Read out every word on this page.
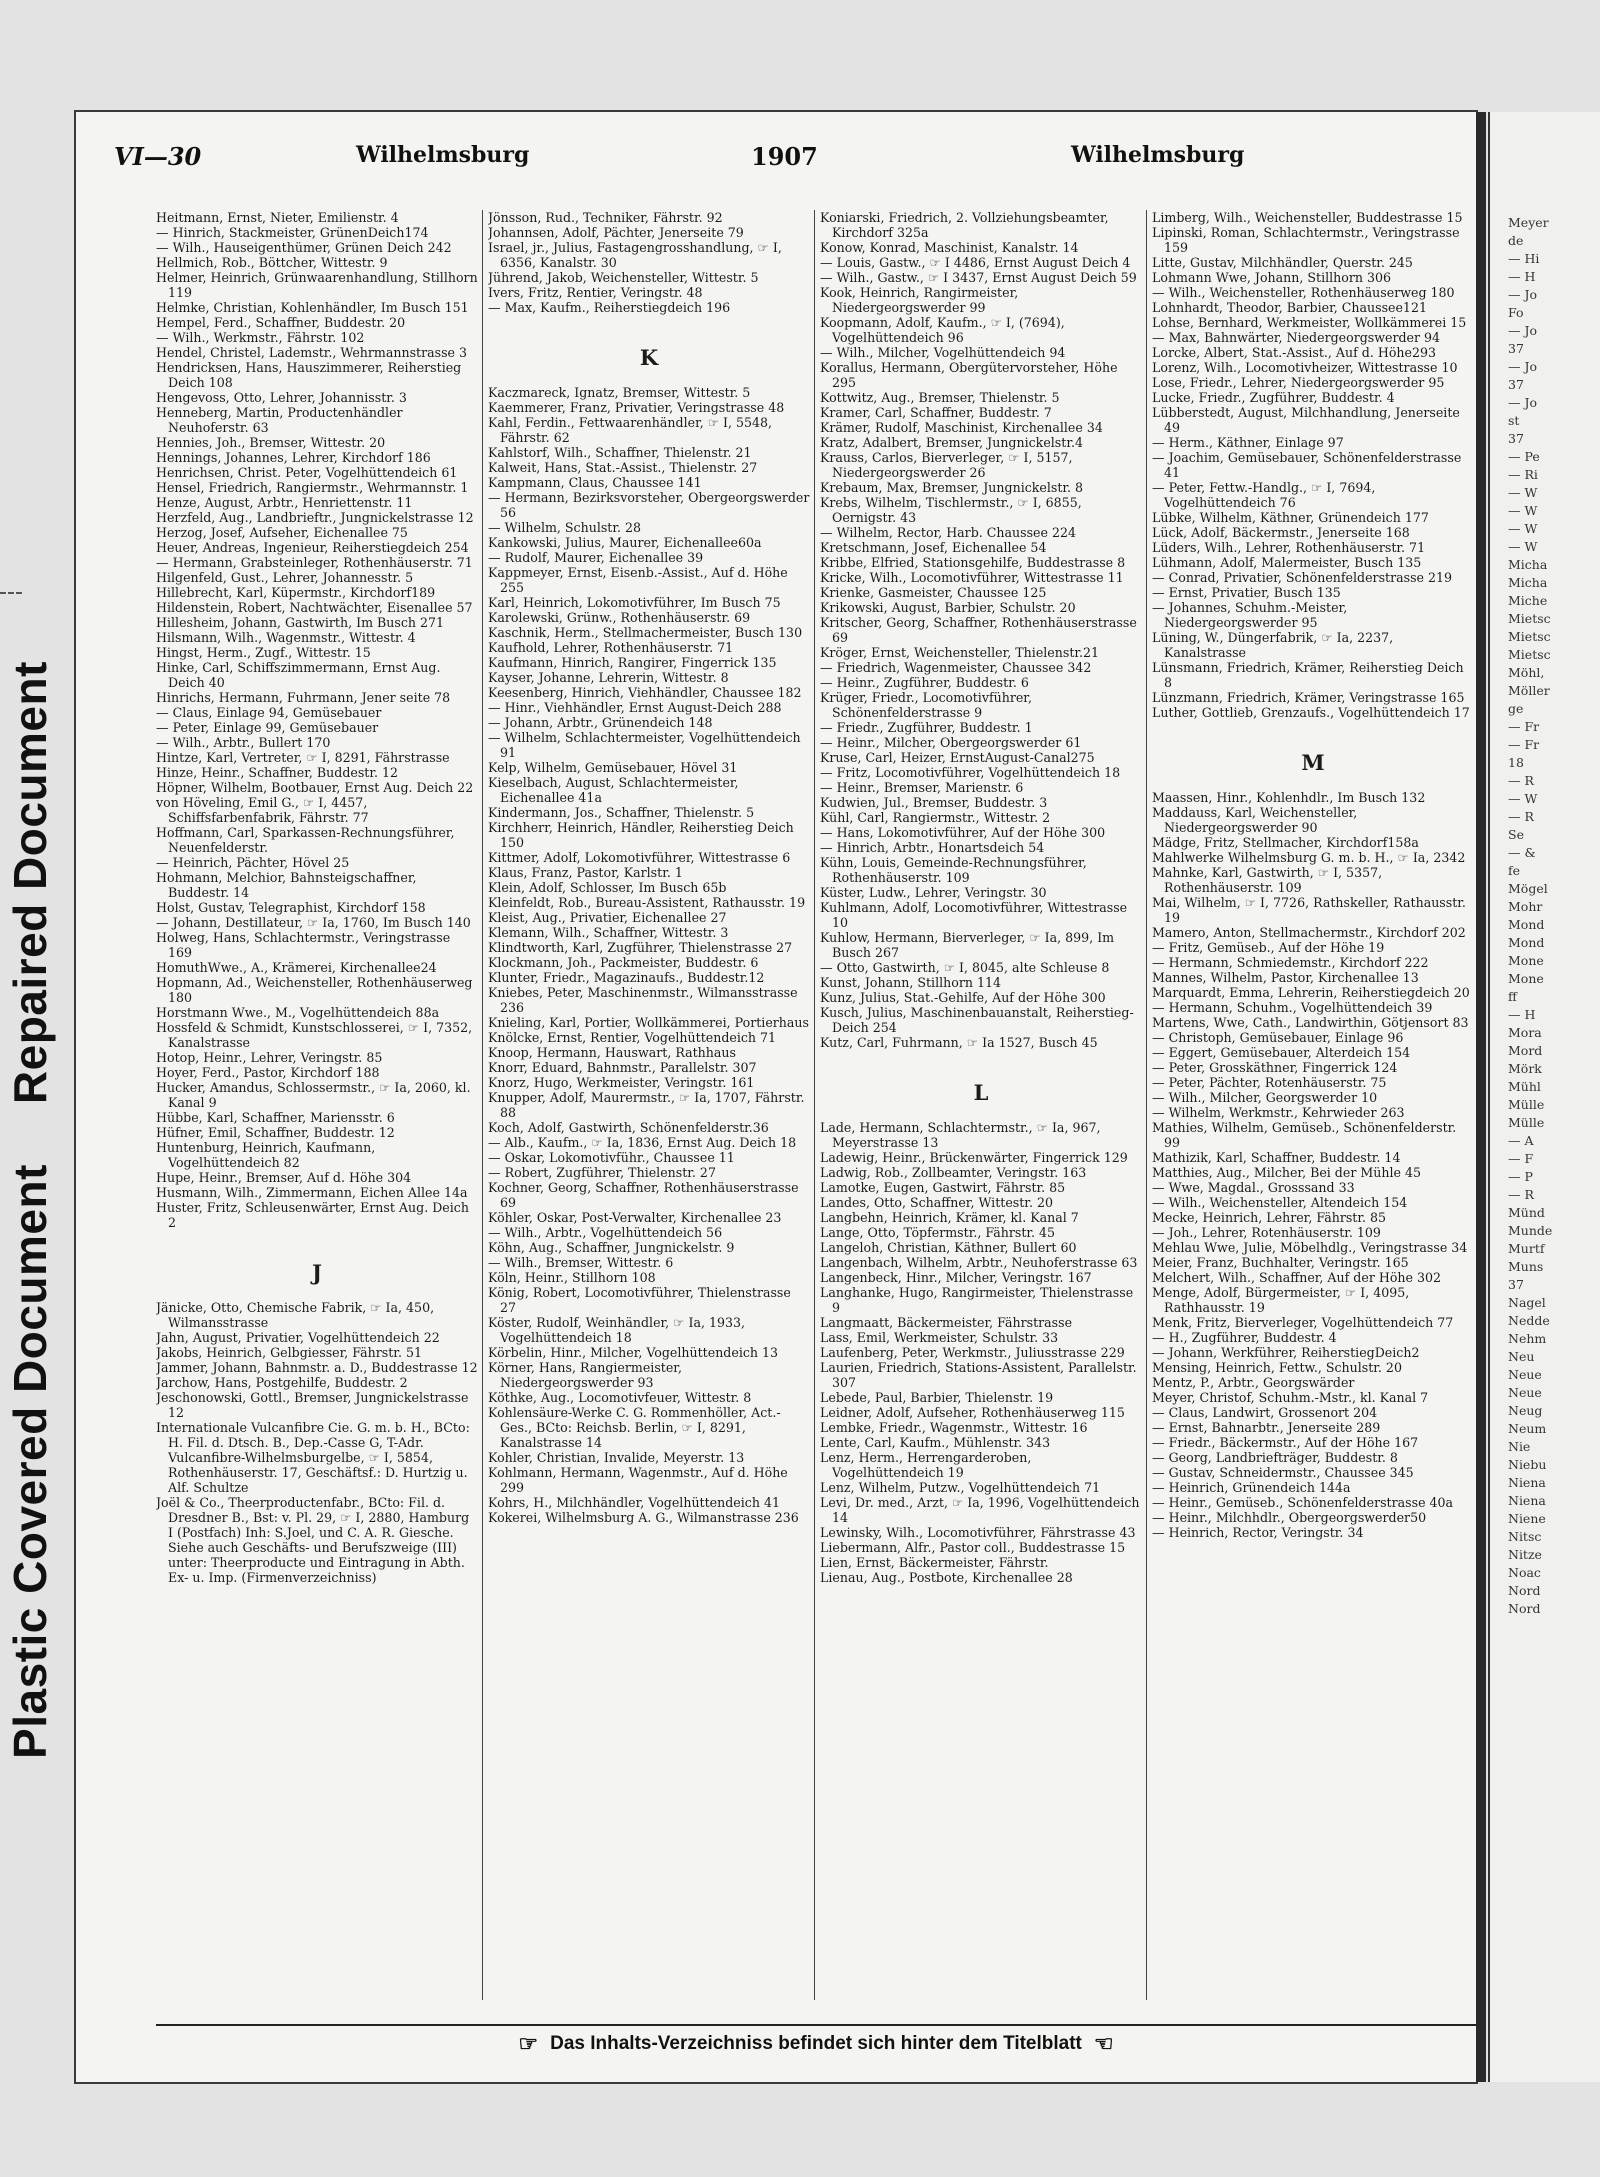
Plastic Covered DocumentRepaired Document
VI—30	Wilhelmsburg	1907	Wilhelmsburg

Heitmann, Ernst, Nieter, Emilienstr. 4

— Hinrich, Stackmeister, GrünenDeich174

— Wilh., Hauseigenthümer, Grünen Deich 242

Hellmich, Rob., Böttcher, Wittestr. 9

Helmer, Heinrich, Grünwaarenhandlung, Stillhorn 119

Helmke, Christian, Kohlenhändler, Im Busch 151

Hempel, Ferd., Schaffner, Buddestr. 20

— Wilh., Werkmstr., Fährstr. 102

Hendel, Christel, Lademstr., Wehrmannstrasse 3

Hendricksen, Hans, Hauszimmerer, Reiherstieg Deich 108

Hengevoss, Otto, Lehrer, Johannisstr. 3

Henneberg, Martin, Productenhändler Neuhoferstr. 63

Hennies, Joh., Bremser, Wittestr. 20

Hennings, Johannes, Lehrer, Kirchdorf 186

Henrichsen, Christ. Peter, Vogelhüttendeich 61

Hensel, Friedrich, Rangiermstr., Wehrmannstr. 1

Henze, August, Arbtr., Henriettenstr. 11

Herzfeld, Aug., Landbrieftr., Jungnickelstrasse 12

Herzog, Josef, Aufseher, Eichenallee 75

Heuer, Andreas, Ingenieur, Reiherstiegdeich 254

— Hermann, Grabsteinleger, Rothenhäuserstr. 71

Hilgenfeld, Gust., Lehrer, Johannesstr. 5

Hillebrecht, Karl, Küpermstr., Kirchdorf189

Hildenstein, Robert, Nachtwächter, Eisenallee 57

Hillesheim, Johann, Gastwirth, Im Busch 271

Hilsmann, Wilh., Wagenmstr., Wittestr. 4

Hingst, Herm., Zugf., Wittestr. 15

Hinke, Carl, Schiffszimmermann, Ernst Aug. Deich 40

Hinrichs, Hermann, Fuhrmann, Jener seite 78

— Claus, Einlage 94, Gemüsebauer

— Peter, Einlage 99, Gemüsebauer

— Wilh., Arbtr., Bullert 170

Hintze, Karl, Vertreter, ☞ I, 8291, Fährstrasse

Hinze, Heinr., Schaffner, Buddestr. 12

Höpner, Wilhelm, Bootbauer, Ernst Aug. Deich 22

von Höveling, Emil G., ☞ I, 4457, Schiffsfarbenfabrik, Fährstr. 77

Hoffmann, Carl, Sparkassen-Rechnungsführer, Neuenfelderstr.

— Heinrich, Pächter, Hövel 25

Hohmann, Melchior, Bahnsteigschaffner, Buddestr. 14

Holst, Gustav, Telegraphist, Kirchdorf 158

— Johann, Destillateur, ☞ Ia, 1760, Im Busch 140

Holweg, Hans, Schlachtermstr., Veringstrasse 169

HomuthWwe., A., Krämerei, Kirchenallee24

Hopmann, Ad., Weichensteller, Rothenhäuserweg 180

Horstmann Wwe., M., Vogelhüttendeich 88a

Hossfeld & Schmidt, Kunstschlosserei, ☞ I, 7352, Kanalstrasse

Hotop, Heinr., Lehrer, Veringstr. 85

Hoyer, Ferd., Pastor, Kirchdorf 188

Hucker, Amandus, Schlossermstr., ☞ Ia, 2060, kl. Kanal 9

Hübbe, Karl, Schaffner, Mariensstr. 6

Hüfner, Emil, Schaffner, Buddestr. 12

Huntenburg, Heinrich, Kaufmann, Vogelhüttendeich 82

Hupe, Heinr., Bremser, Auf d. Höhe 304

Husmann, Wilh., Zimmermann, Eichen Allee 14a

Huster, Fritz, Schleusenwärter, Ernst Aug. Deich 2

J

Jänicke, Otto, Chemische Fabrik, ☞ Ia, 450, Wilmansstrasse

Jahn, August, Privatier, Vogelhüttendeich 22

Jakobs, Heinrich, Gelbgiesser, Fährstr. 51

Jammer, Johann, Bahnmstr. a. D., Buddestrasse 12

Jarchow, Hans, Postgehilfe, Buddestr. 2

Jeschonowski, Gottl., Bremser, Jungnickelstrasse 12

Internationale Vulcanfibre Cie. G. m. b. H., BCto: H. Fil. d. Dtsch. B., Dep.-Casse G, T-Adr. Vulcanfibre-Wilhelmsburgelbe, ☞ I, 5854, Rothenhäuserstr. 17, Geschäftsf.: D. Hurtzig u. Alf. Schultze

Joël & Co., Theerproductenfabr., BCto: Fil. d. Dresdner B., Bst: v. Pl. 29, ☞ I, 2880, Hamburg I (Postfach) Inh: S.Joel, und C. A. R. Giesche. Siehe auch Geschäfts- und Berufszweige (III) unter: Theerproducte und Eintragung in Abth. Ex- u. Imp. (Firmenverzeichniss)

Jönsson, Rud., Techniker, Fährstr. 92

Johannsen, Adolf, Pächter, Jenerseite 79

Israel, jr., Julius, Fastagengrosshandlung, ☞ I, 6356, Kanalstr. 30

Jührend, Jakob, Weichensteller, Wittestr. 5

Ivers, Fritz, Rentier, Veringstr. 48

— Max, Kaufm., Reiherstiegdeich 196

K

Kaczmareck, Ignatz, Bremser, Wittestr. 5

Kaemmerer, Franz, Privatier, Veringstrasse 48

Kahl, Ferdin., Fettwaarenhändler, ☞ I, 5548, Fährstr. 62

Kahlstorf, Wilh., Schaffner, Thielenstr. 21

Kalweit, Hans, Stat.-Assist., Thielenstr. 27

Kampmann, Claus, Chaussee 141

— Hermann, Bezirksvorsteher, Obergeorgswerder 56

— Wilhelm, Schulstr. 28

Kankowski, Julius, Maurer, Eichenallee60a

— Rudolf, Maurer, Eichenallee 39

Kappmeyer, Ernst, Eisenb.-Assist., Auf d. Höhe 255

Karl, Heinrich, Lokomotivführer, Im Busch 75

Karolewski, Grünw., Rothenhäuserstr. 69

Kaschnik, Herm., Stellmachermeister, Busch 130

Kaufhold, Lehrer, Rothenhäuserstr. 71

Kaufmann, Hinrich, Rangirer, Fingerrick 135

Kayser, Johanne, Lehrerin, Wittestr. 8

Keesenberg, Hinrich, Viehhändler, Chaussee 182

— Hinr., Viehhändler, Ernst August-Deich 288

— Johann, Arbtr., Grünendeich 148

— Wilhelm, Schlachtermeister, Vogelhüttendeich 91

Kelp, Wilhelm, Gemüsebauer, Hövel 31

Kieselbach, August, Schlachtermeister, Eichenallee 41a

Kindermann, Jos., Schaffner, Thielenstr. 5

Kirchherr, Heinrich, Händler, Reiherstieg Deich 150

Kittmer, Adolf, Lokomotivführer, Wittestrasse 6

Klaus, Franz, Pastor, Karlstr. 1

Klein, Adolf, Schlosser, Im Busch 65b

Kleinfeldt, Rob., Bureau-Assistent, Rathausstr. 19

Kleist, Aug., Privatier, Eichenallee 27

Klemann, Wilh., Schaffner, Wittestr. 3

Klindtworth, Karl, Zugführer, Thielenstrasse 27

Klockmann, Joh., Packmeister, Buddestr. 6

Klunter, Friedr., Magazinaufs., Buddestr.12

Kniebes, Peter, Maschinenmstr., Wilmansstrasse 236

Knieling, Karl, Portier, Wollkämmerei, Portierhaus

Knölcke, Ernst, Rentier, Vogelhüttendeich 71

Knoop, Hermann, Hauswart, Rathhaus

Knorr, Eduard, Bahnmstr., Parallelstr. 307

Knorz, Hugo, Werkmeister, Veringstr. 161

Knupper, Adolf, Maurermstr., ☞ Ia, 1707, Fährstr. 88

Koch, Adolf, Gastwirth, Schönenfelderstr.36

— Alb., Kaufm., ☞ Ia, 1836, Ernst Aug. Deich 18

— Oskar, Lokomotivführ., Chaussee 11

— Robert, Zugführer, Thielenstr. 27

Kochner, Georg, Schaffner, Rothenhäuserstrasse 69

Köhler, Oskar, Post-Verwalter, Kirchenallee 23

— Wilh., Arbtr., Vogelhüttendeich 56

Köhn, Aug., Schaffner, Jungnickelstr. 9

— Wilh., Bremser, Wittestr. 6

Köln, Heinr., Stillhorn 108

König, Robert, Locomotivführer, Thielenstrasse 27

Köster, Rudolf, Weinhändler, ☞ Ia, 1933, Vogelhüttendeich 18

Körbelin, Hinr., Milcher, Vogelhüttendeich 13

Körner, Hans, Rangiermeister, Niedergeorgswerder 93

Köthke, Aug., Locomotivfeuer, Wittestr. 8

Kohlensäure-Werke C. G. Rommenhöller, Act.-Ges., BCto: Reichsb. Berlin, ☞ I, 8291, Kanalstrasse 14

Kohler, Christian, Invalide, Meyerstr. 13

Kohlmann, Hermann, Wagenmstr., Auf d. Höhe 299

Kohrs, H., Milchhändler, Vogelhüttendeich 41

Kokerei, Wilhelmsburg A. G., Wilmanstrasse 236

Koniarski, Friedrich, 2. Vollziehungsbeamter, Kirchdorf 325a

Konow, Konrad, Maschinist, Kanalstr. 14

— Louis, Gastw., ☞ I 4486, Ernst August Deich 4

— Wilh., Gastw., ☞ I 3437, Ernst August Deich 59

Kook, Heinrich, Rangirmeister, Niedergeorgswerder 99

Koopmann, Adolf, Kaufm., ☞ I, (7694), Vogelhüttendeich 96

— Wilh., Milcher, Vogelhüttendeich 94

Korallus, Hermann, Obergütervorsteher, Höhe 295

Kottwitz, Aug., Bremser, Thielenstr. 5

Kramer, Carl, Schaffner, Buddestr. 7

Krämer, Rudolf, Maschinist, Kirchenallee 34

Kratz, Adalbert, Bremser, Jungnickelstr.4

Krauss, Carlos, Bierverleger, ☞ I, 5157, Niedergeorgswerder 26

Krebaum, Max, Bremser, Jungnickelstr. 8

Krebs, Wilhelm, Tischlermstr., ☞ I, 6855, Oernigstr. 43

— Wilhelm, Rector, Harb. Chaussee 224

Kretschmann, Josef, Eichenallee 54

Kribbe, Elfried, Stationsgehilfe, Buddestrasse 8

Kricke, Wilh., Locomotivführer, Wittestrasse 11

Krienke, Gasmeister, Chaussee 125

Krikowski, August, Barbier, Schulstr. 20

Kritscher, Georg, Schaffner, Rothenhäuserstrasse 69

Kröger, Ernst, Weichensteller, Thielenstr.21

— Friedrich, Wagenmeister, Chaussee 342

— Heinr., Zugführer, Buddestr. 6

Krüger, Friedr., Locomotivführer, Schönenfelderstrasse 9

— Friedr., Zugführer, Buddestr. 1

— Heinr., Milcher, Obergeorgswerder 61

Kruse, Carl, Heizer, ErnstAugust-Canal275

— Fritz, Locomotivführer, Vogelhüttendeich 18

— Heinr., Bremser, Marienstr. 6

Kudwien, Jul., Bremser, Buddestr. 3

Kühl, Carl, Rangiermstr., Wittestr. 2

— Hans, Lokomotivführer, Auf der Höhe 300

— Hinrich, Arbtr., Honartsdeich 54

Kühn, Louis, Gemeinde-Rechnungsführer, Rothenhäuserstr. 109

Küster, Ludw., Lehrer, Veringstr. 30

Kuhlmann, Adolf, Locomotivführer, Wittestrasse 10

Kuhlow, Hermann, Bierverleger, ☞ Ia, 899, Im Busch 267

— Otto, Gastwirth, ☞ I, 8045, alte Schleuse 8

Kunst, Johann, Stillhorn 114

Kunz, Julius, Stat.-Gehilfe, Auf der Höhe 300

Kusch, Julius, Maschinenbauanstalt, Reiherstieg-Deich 254

Kutz, Carl, Fuhrmann, ☞ Ia 1527, Busch 45

L

Lade, Hermann, Schlachtermstr., ☞ Ia, 967, Meyerstrasse 13

Ladewig, Heinr., Brückenwärter, Fingerrick 129

Ladwig, Rob., Zollbeamter, Veringstr. 163

Lamotke, Eugen, Gastwirt, Fährstr. 85

Landes, Otto, Schaffner, Wittestr. 20

Langbehn, Heinrich, Krämer, kl. Kanal 7

Lange, Otto, Töpfermstr., Fährstr. 45

Langeloh, Christian, Käthner, Bullert 60

Langenbach, Wilhelm, Arbtr., Neuhoferstrasse 63

Langenbeck, Hinr., Milcher, Veringstr. 167

Langhanke, Hugo, Rangirmeister, Thielenstrasse 9

Langmaatt, Bäckermeister, Fährstrasse

Lass, Emil, Werkmeister, Schulstr. 33

Laufenberg, Peter, Werkmstr., Juliusstrasse 229

Laurien, Friedrich, Stations-Assistent, Parallelstr. 307

Lebede, Paul, Barbier, Thielenstr. 19

Leidner, Adolf, Aufseher, Rothenhäuserweg 115

Lembke, Friedr., Wagenmstr., Wittestr. 16

Lente, Carl, Kaufm., Mühlenstr. 343

Lenz, Herm., Herrengarderoben, Vogelhüttendeich 19

Lenz, Wilhelm, Putzw., Vogelhüttendeich 71

Levi, Dr. med., Arzt, ☞ Ia, 1996, Vogelhüttendeich 14

Lewinsky, Wilh., Locomotivführer, Fährstrasse 43

Liebermann, Alfr., Pastor coll., Buddestrasse 15

Lien, Ernst, Bäckermeister, Fährstr.

Lienau, Aug., Postbote, Kirchenallee 28

Limberg, Wilh., Weichensteller, Buddestrasse 15

Lipinski, Roman, Schlachtermstr., Veringstrasse 159

Litte, Gustav, Milchhändler, Querstr. 245

Lohmann Wwe, Johann, Stillhorn 306

— Wilh., Weichensteller, Rothenhäuserweg 180

Lohnhardt, Theodor, Barbier, Chaussee121

Lohse, Bernhard, Werkmeister, Wollkämmerei 15

— Max, Bahnwärter, Niedergeorgswerder 94

Lorcke, Albert, Stat.-Assist., Auf d. Höhe293

Lorenz, Wilh., Locomotivheizer, Wittestrasse 10

Lose, Friedr., Lehrer, Niedergeorgswerder 95

Lucke, Friedr., Zugführer, Buddestr. 4

Lübberstedt, August, Milchhandlung, Jenerseite 49

— Herm., Käthner, Einlage 97

— Joachim, Gemüsebauer, Schönenfelderstrasse 41

— Peter, Fettw.-Handlg., ☞ I, 7694, Vogelhüttendeich 76

Lübke, Wilhelm, Käthner, Grünendeich 177

Lück, Adolf, Bäckermstr., Jenerseite 168

Lüders, Wilh., Lehrer, Rothenhäuserstr. 71

Lühmann, Adolf, Malermeister, Busch 135

— Conrad, Privatier, Schönenfelderstrasse 219

— Ernst, Privatier, Busch 135

— Johannes, Schuhm.-Meister, Niedergeorgswerder 95

Lüning, W., Düngerfabrik, ☞ Ia, 2237, Kanalstrasse

Lünsmann, Friedrich, Krämer, Reiherstieg Deich 8

Lünzmann, Friedrich, Krämer, Veringstrasse 165

Luther, Gottlieb, Grenzaufs., Vogelhüttendeich 17

M

Maassen, Hinr., Kohlenhdlr., Im Busch 132

Maddauss, Karl, Weichensteller, Niedergeorgswerder 90

Mädge, Fritz, Stellmacher, Kirchdorf158a

Mahlwerke Wilhelmsburg G. m. b. H., ☞ Ia, 2342

Mahnke, Karl, Gastwirth, ☞ I, 5357, Rothenhäuserstr. 109

Mai, Wilhelm, ☞ I, 7726, Rathskeller, Rathausstr. 19

Mamero, Anton, Stellmachermstr., Kirchdorf 202

— Fritz, Gemüseb., Auf der Höhe 19

— Hermann, Schmiedemstr., Kirchdorf 222

Mannes, Wilhelm, Pastor, Kirchenallee 13

Marquardt, Emma, Lehrerin, Reiherstiegdeich 20

— Hermann, Schuhm., Vogelhüttendeich 39

Martens, Wwe, Cath., Landwirthin, Götjensort 83

— Christoph, Gemüsebauer, Einlage 96

— Eggert, Gemüsebauer, Alterdeich 154

— Peter, Grosskäthner, Fingerrick 124

— Peter, Pächter, Rotenhäuserstr. 75

— Wilh., Milcher, Georgswerder 10

— Wilhelm, Werkmstr., Kehrwieder 263

Mathies, Wilhelm, Gemüseb., Schönenfelderstr. 99

Mathizik, Karl, Schaffner, Buddestr. 14

Matthies, Aug., Milcher, Bei der Mühle 45

— Wwe, Magdal., Grosssand 33

— Wilh., Weichensteller, Altendeich 154

Mecke, Heinrich, Lehrer, Fährstr. 85

— Joh., Lehrer, Rotenhäuserstr. 109

Mehlau Wwe, Julie, Möbelhdlg., Veringstrasse 34

Meier, Franz, Buchhalter, Veringstr. 165

Melchert, Wilh., Schaffner, Auf der Höhe 302

Menge, Adolf, Bürgermeister, ☞ I, 4095, Rathhausstr. 19

Menk, Fritz, Bierverleger, Vogelhüttendeich 77

— H., Zugführer, Buddestr. 4

— Johann, Werkführer, ReiherstiegDeich2

Mensing, Heinrich, Fettw., Schulstr. 20

Mentz, P., Arbtr., Georgswärder

Meyer, Christof, Schuhm.-Mstr., kl. Kanal 7

— Claus, Landwirt, Grossenort 204

— Ernst, Bahnarbtr., Jenerseite 289

— Friedr., Bäckermstr., Auf der Höhe 167

— Georg, Landbriefträger, Buddestr. 8

— Gustav, Schneidermstr., Chaussee 345

— Heinrich, Grünendeich 144a

— Heinr., Gemüseb., Schönenfelderstrasse 40a

— Heinr., Milchhdlr., Obergeorgswerder50

— Heinrich, Rector, Veringstr. 34

☞ Das Inhalts-Verzeichniss befindet sich hinter dem Titelblatt ☜
Meyer
de
— Hi
— H
— Jo
Fo
— Jo
37
— Jo
37
— Jo
st
37
— Pe
— Ri
— W
— W
— W
— W
Micha
Micha
Miche
Mietsc
Mietsc
Mietsc
Möhl,
Möller
ge
— Fr
— Fr
18
— R
— W
— R
Se
— &
fe
Mögel
Mohr
Mond
Mond
Mone
Mone
ff
— H
Mora
Mord
Mörk
Mühl
Mülle
Mülle
— A
— F
— P
— R
Münd
Munde
Murtf
Muns
37
Nagel
Nedde
Nehm
Neu
Neue
Neue
Neug
Neum
Nie
Niebu
Niena
Niena
Niene
Nitsc
Nitze
Noac
Nord
Nord
